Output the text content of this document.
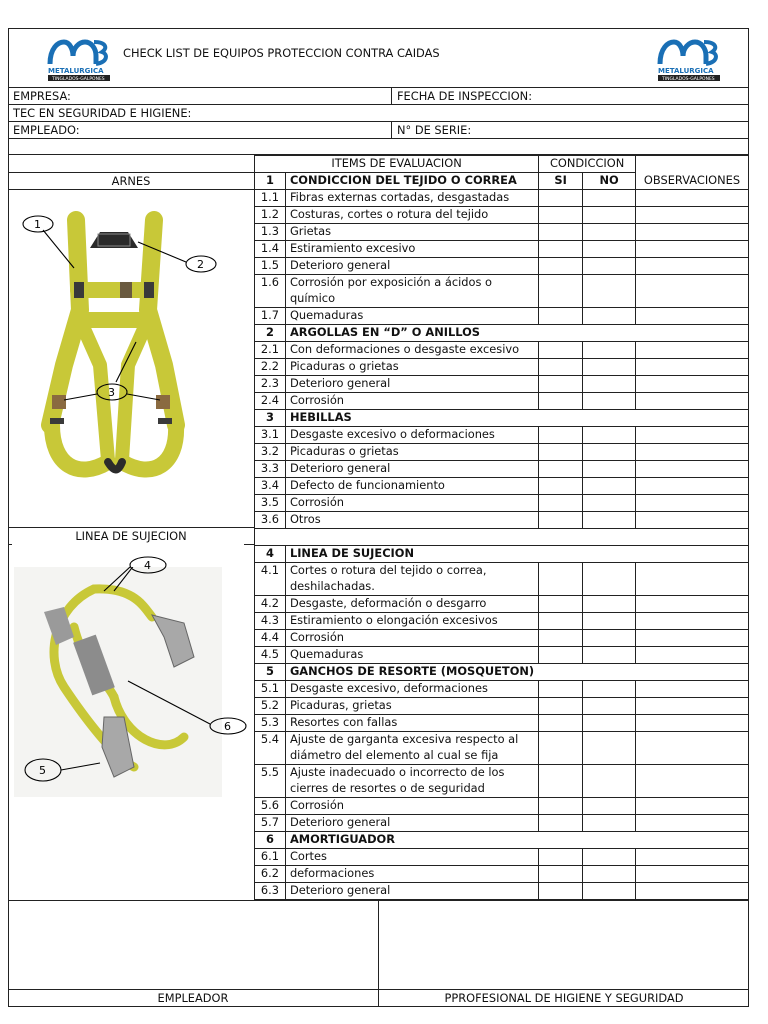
METALURGICA
TINGLADOS-GALPONES
CHECK LIST DE EQUIPOS PROTECCION CONTRA CAIDAS
METALURGICA
TINGLADOS-GALPONES
EMPRESA:	FECHA DE INSPECCION:
TEC EN SEGURIDAD E HIGIENE:
EMPLEADO:	N° DE SERIE:
ARNES
LINEA DE SUJECION
1
2
3
4
6
5
ITEMS DE EVALUACION		CONDICCION		
1	CONDICCION DEL TEJIDO O CORREA	SI	NO	OBSERVACIONES
1.1	Fibras externas cortadas, desgastadas			

1.2	Costuras, cortes o rotura del tejido			

1.3	Grietas			

1.4	Estiramiento excesivo			

1.5	Deterioro general			

1.6	Corrosión por exposición a ácidos o
químico			

1.7	Quemaduras			

2	ARGOLLAS EN “D” O ANILLOS			

2.1	Con deformaciones o desgaste excesivo			

2.2	Picaduras o grietas			

2.3	Deterioro general			

2.4	Corrosión			

3	HEBILLAS			

3.1	Desgaste excesivo o deformaciones			

3.2	Picaduras o grietas			

3.3	Deterioro general			

3.4	Defecto de funcionamiento			

3.5	Corrosión			

3.6	Otros			

4	LINEA DE SUJECION			

4.1	Cortes o rotura del tejido o correa,
deshilachadas.			

4.2	Desgaste, deformación o desgarro			

4.3	Estiramiento o elongación excesivos			

4.4	Corrosión			

4.5	Quemaduras			

5	GANCHOS DE RESORTE (MOSQUETON)			

5.1	Desgaste excesivo, deformaciones			

5.2	Picaduras, grietas			

5.3	Resortes con fallas			

5.4	Ajuste de garganta excesiva respecto al
diámetro del elemento al cual se fija			

5.5	Ajuste inadecuado o incorrecto de los
cierres de resortes o de seguridad			

5.6	Corrosión			

5.7	Deterioro general			

6	AMORTIGUADOR			

6.1	Cortes			

6.2	deformaciones			

6.3	Deterioro general			

EMPLEADOR	PPROFESIONAL DE HIGIENE Y SEGURIDAD
